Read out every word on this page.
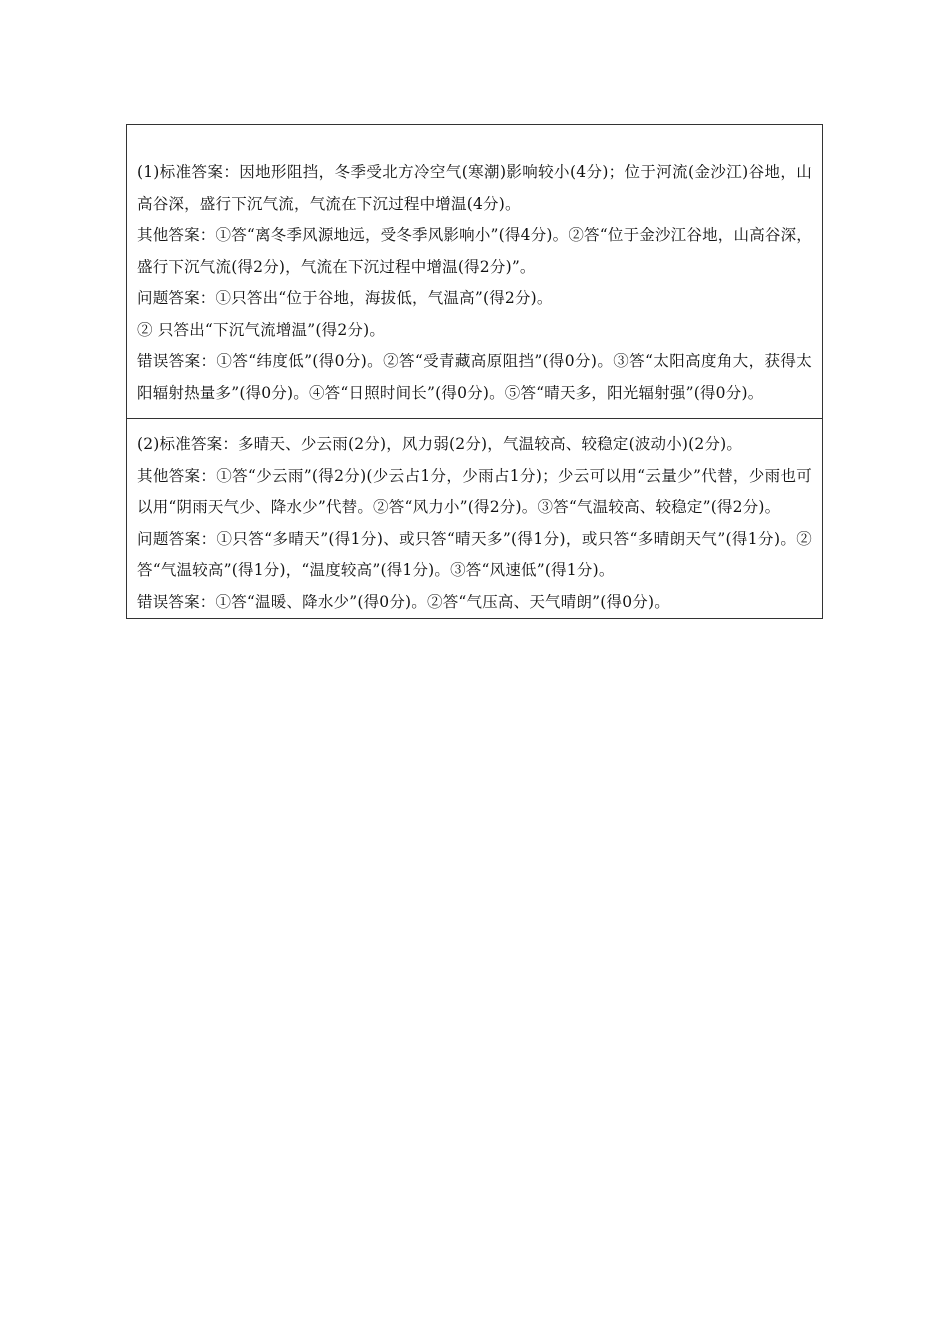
(1)标准答案：因地形阻挡，冬季受北方冷空气(寒潮)影响较小(4分)；位于河流(金沙江)谷地，山高谷深，盛行下沉气流，气流在下沉过程中增温(4分)。

其他答案：①答“离冬季风源地远，受冬季风影响小”(得4分)。②答“位于金沙江谷地，山高谷深，盛行下沉气流(得2分)，气流在下沉过程中增温(得2分)”。

问题答案：①只答出“位于谷地，海拔低，气温高”(得2分)。

② 只答出“下沉气流增温”(得2分)。

错误答案：①答“纬度低”(得0分)。②答“受青藏高原阻挡”(得0分)。③答“太阳高度角大，获得太阳辐射热量多”(得0分)。④答“日照时间长”(得0分)。⑤答“晴天多，阳光辐射强”(得0分)。

(2)标准答案：多晴天、少云雨(2分)，风力弱(2分)，气温较高、较稳定(波动小)(2分)。

其他答案：①答“少云雨”(得2分)(少云占1分，少雨占1分)；少云可以用“云量少”代替，少雨也可以用“阴雨天气少、降水少”代替。②答“风力小”(得2分)。③答“气温较高、较稳定”(得2分)。

问题答案：①只答“多晴天”(得1分)、或只答“晴天多”(得1分)，或只答“多晴朗天气”(得1分)。②答“气温较高”(得1分)，“温度较高”(得1分)。③答“风速低”(得1分)。

错误答案：①答“温暖、降水少”(得0分)。②答“气压高、天气晴朗”(得0分)。
